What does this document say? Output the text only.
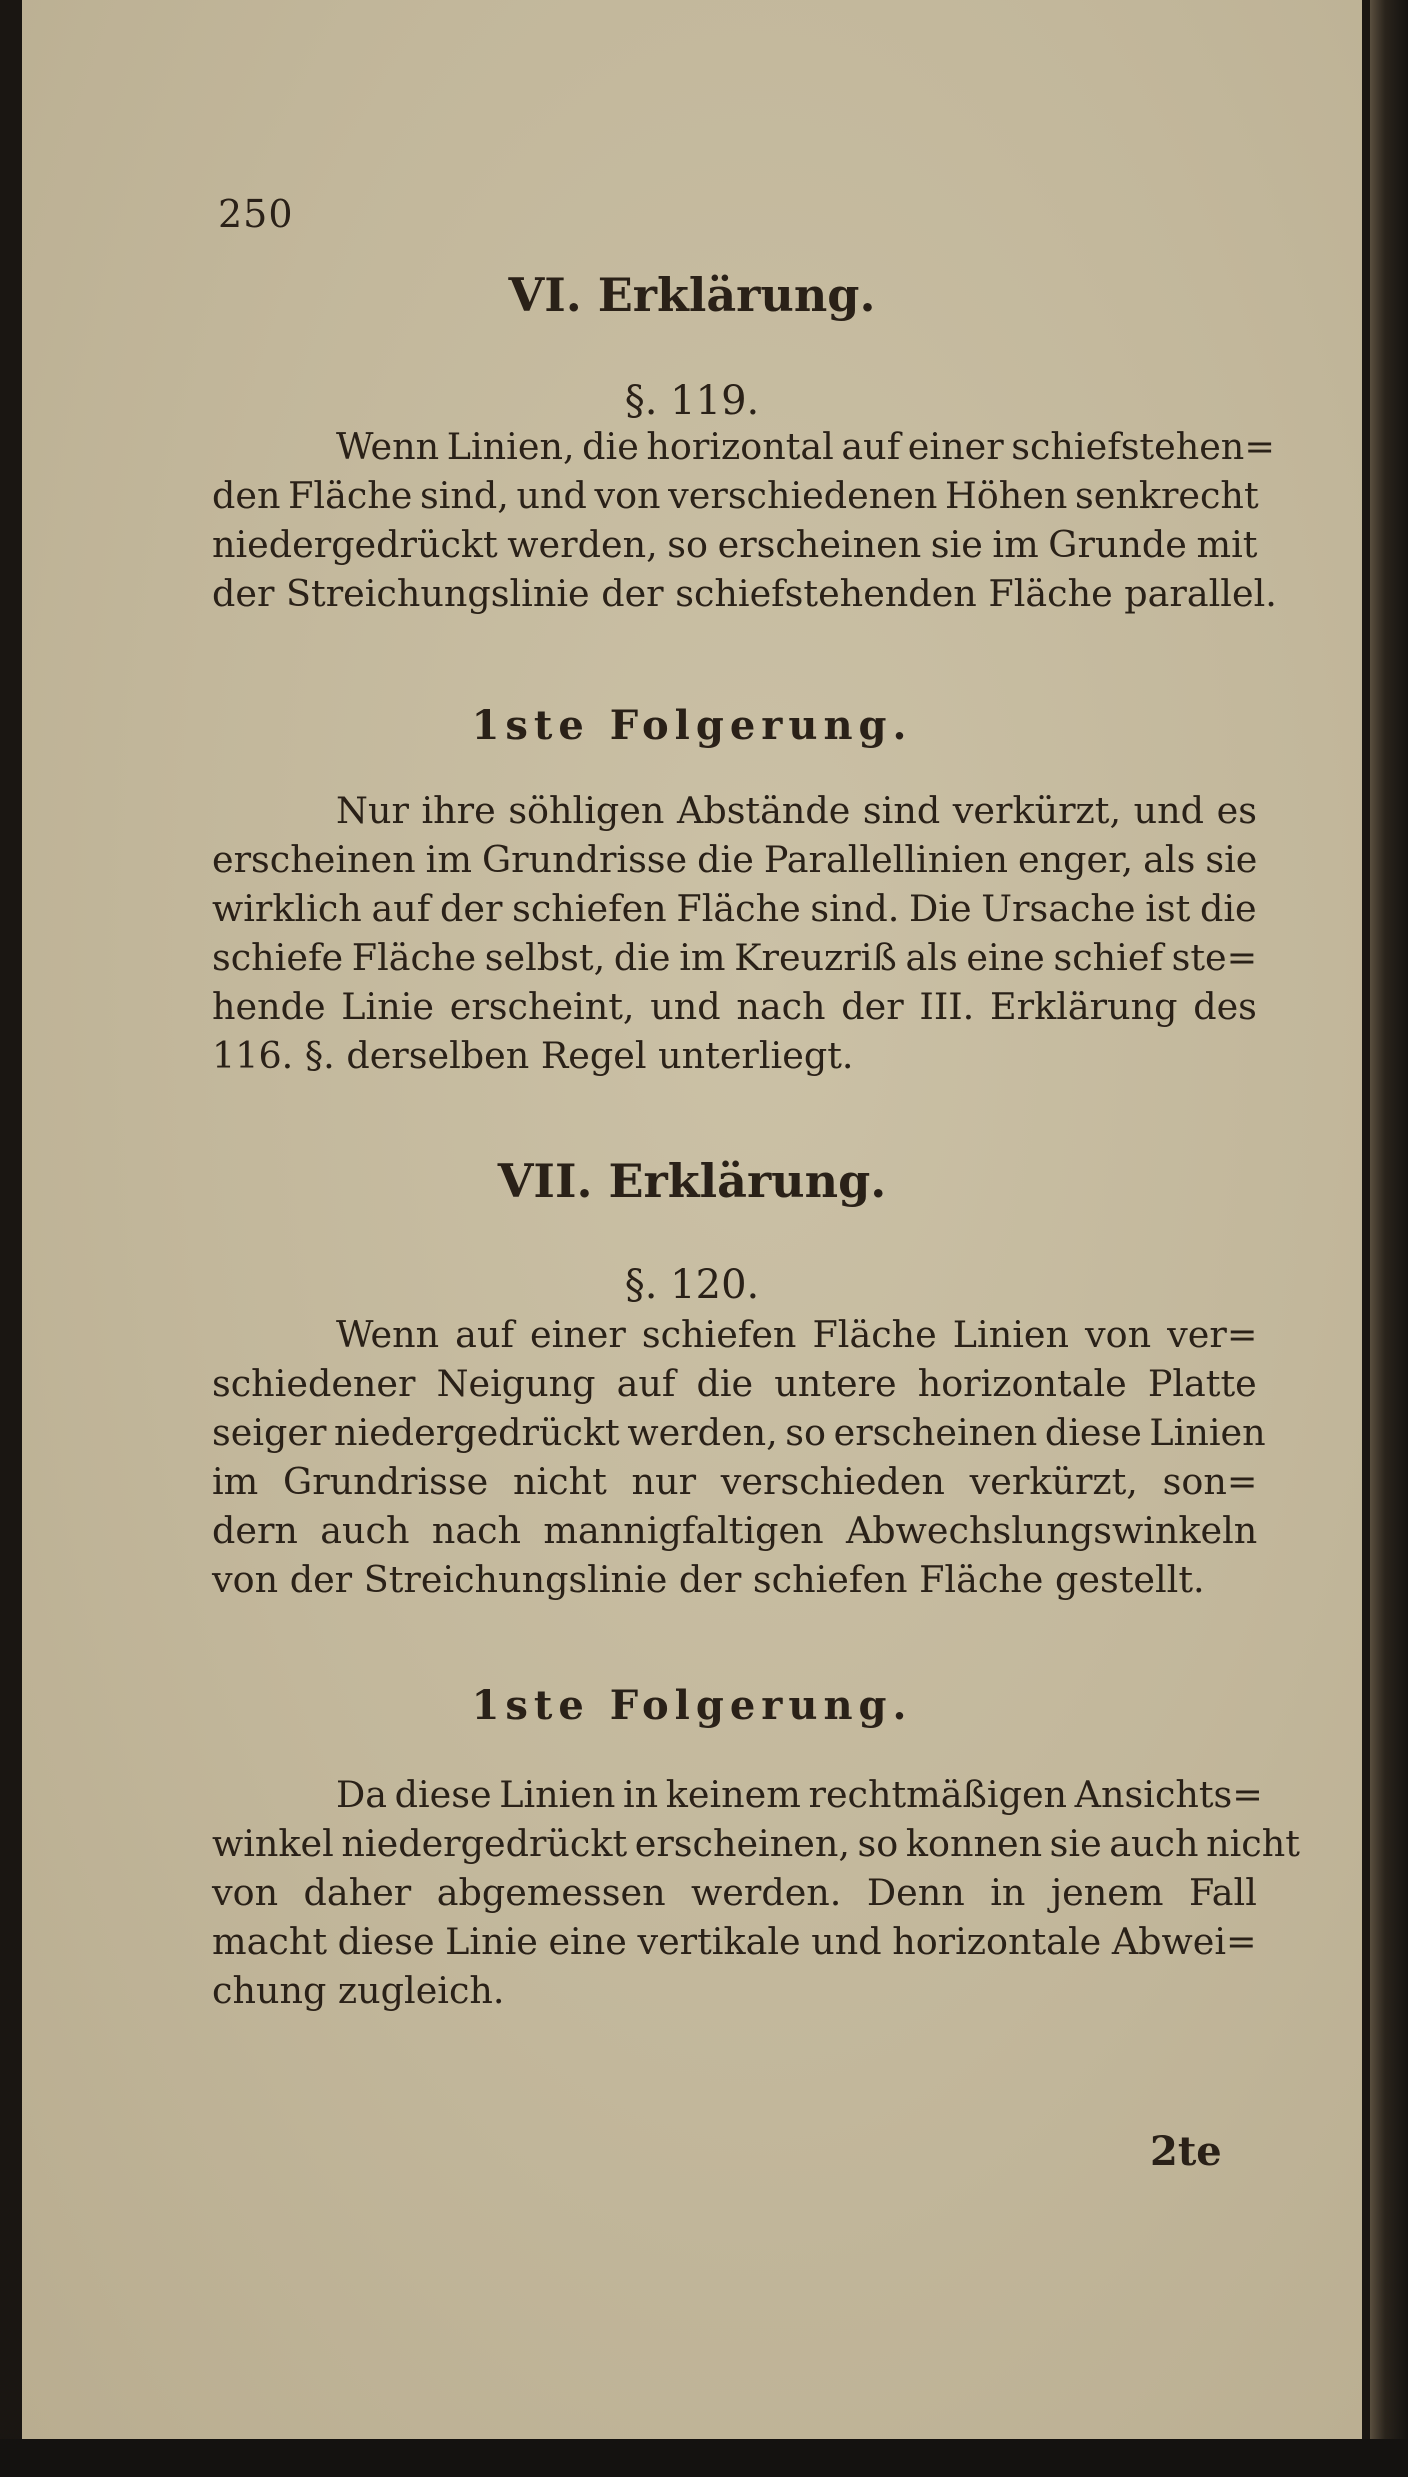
250
VI. Erklärung.
§. 119.
Wenn Linien, die horizontal auf einer schiefstehen=
den Fläche sind, und von verschiedenen Höhen senkrecht
niedergedrückt werden, so erscheinen sie im Grunde mit
der Streichungslinie der schiefstehenden Fläche parallel.
1ste Folgerung.
Nur ihre söhligen Abstände sind verkürzt, und es
erscheinen im Grundrisse die Parallellinien enger, als sie
wirklich auf der schiefen Fläche sind. Die Ursache ist die
schiefe Fläche selbst, die im Kreuzriß als eine schief ste=
hende Linie erscheint, und nach der III. Erklärung des
116. §. derselben Regel unterliegt.
VII. Erklärung.
§. 120.
Wenn auf einer schiefen Fläche Linien von ver=
schiedener Neigung auf die untere horizontale Platte
seiger niedergedrückt werden, so erscheinen diese Linien
im Grundrisse nicht nur verschieden verkürzt, son=
dern auch nach mannigfaltigen Abwechslungswinkeln
von der Streichungslinie der schiefen Fläche gestellt.
1ste Folgerung.
Da diese Linien in keinem rechtmäßigen Ansichts=
winkel niedergedrückt erscheinen, so konnen sie auch nicht
von daher abgemessen werden. Denn in jenem Fall
macht diese Linie eine vertikale und horizontale Abwei=
chung zugleich.
2te
